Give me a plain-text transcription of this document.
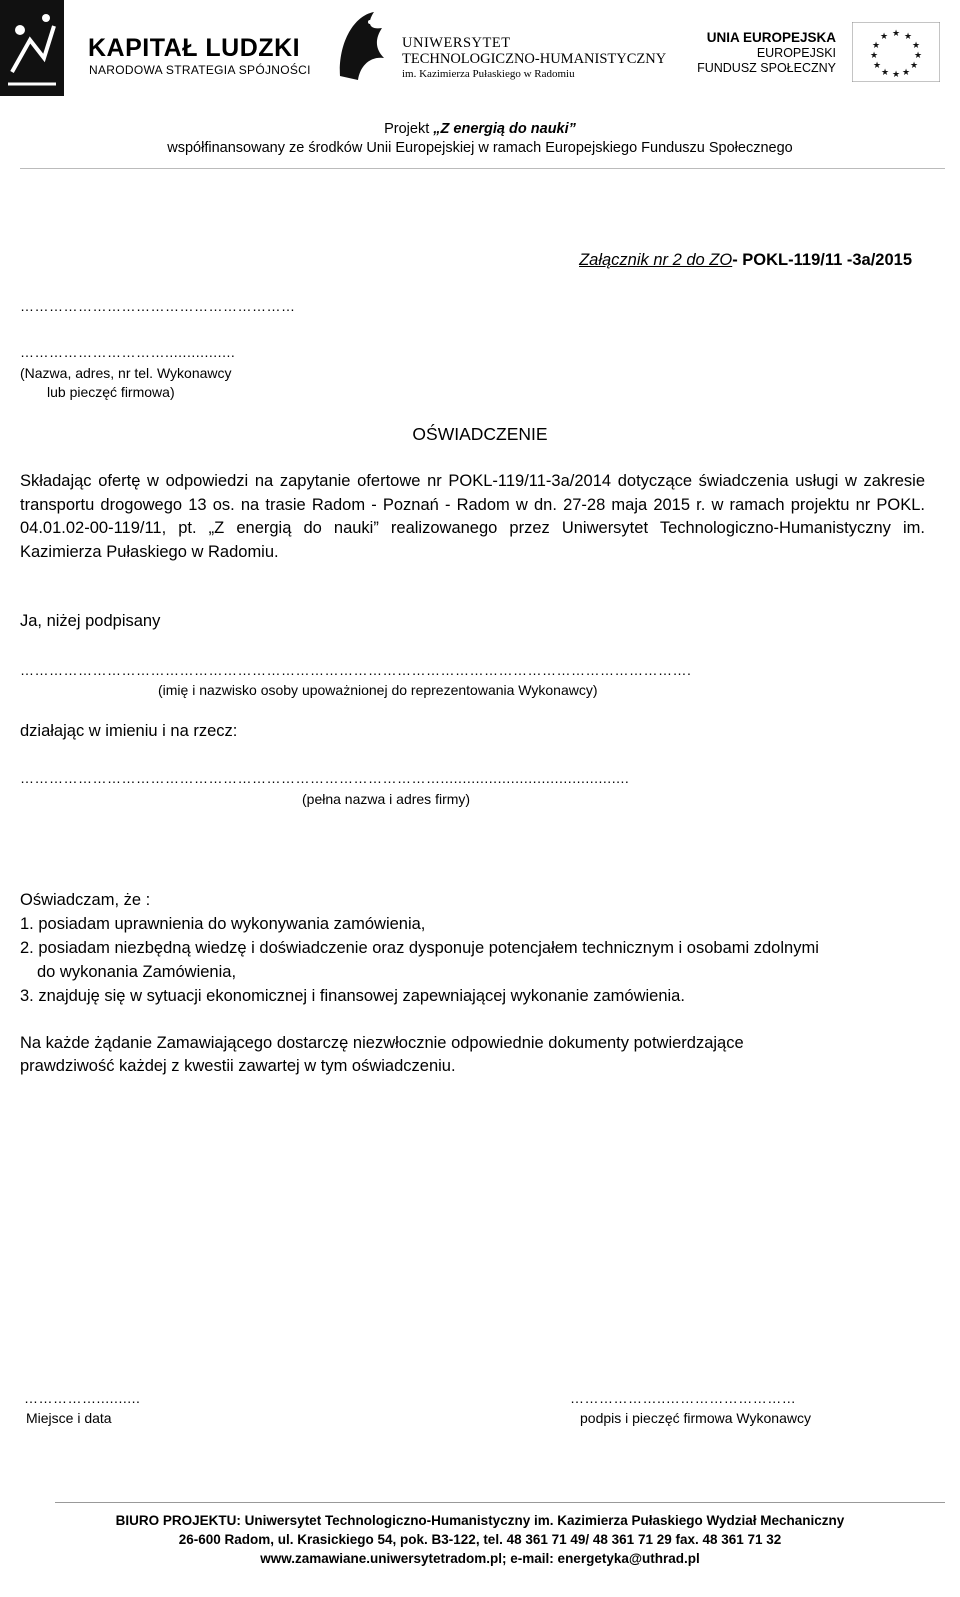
KAPITAŁ LUDZKI
NARODOWA STRATEGIA SPÓJNOŚCI
UNIWERSYTET
TECHNOLOGICZNO-HUMANISTYCZNY
im. Kazimierza Pułaskiego w Radomiu
UNIA EUROPEJSKA
EUROPEJSKI
FUNDUSZ SPOŁECZNY
★ ★
★
★
★
★
★
★
★
★
★
★
Projekt „Z energią do nauki”
współfinansowany ze środków Unii Europejskiej w ramach Europejskiego Funduszu Społecznego
Załącznik nr 2 do ZO- POKL-119/11 -3a/2015
…………………………………………………
…………………………................
(Nazwa, adres, nr tel. Wykonawcy
lub pieczęć firmowa)
OŚWIADCZENIE
Składając ofertę w odpowiedzi na zapytanie ofertowe nr POKL-119/11-3a/2014 dotyczące świadczenia usługi w zakresie transportu drogowego 13 os. na trasie Radom - Poznań - Radom w dn. 27-28 maja 2015 r. w ramach projektu nr POKL. 04.01.02-00-119/11, pt. „Z energią do nauki” realizowanego przez Uniwersytet Technologiczno-Humanistyczny im. Kazimierza Pułaskiego w Radomiu.
Ja, niżej podpisany
………………………………………………………………………………………………………………………….
(imię i nazwisko osoby upoważnionej do reprezentowania Wykonawcy)
działając w imieniu i na rzecz:
……………………………………………………………………………...........................................
(pełna nazwa i adres firmy)
Oświadczam, że :
1. posiadam uprawnienia do wykonywania zamówienia,
2. posiadam niezbędną wiedzę i doświadczenie oraz dysponuje potencjałem technicznym i osobami zdolnymi
do wykonania Zamówienia,
3. znajduję się w sytuacji ekonomicznej i finansowej zapewniającej wykonanie zamówienia.
Na każde żądanie Zamawiającego dostarczę niezwłocznie odpowiednie dokumenty potwierdzające
prawdziwość każdej z kwestii zawartej w tym oświadczeniu.
……………..........
Miejsce i data
………………..………………………
podpis i pieczęć firmowa Wykonawcy
BIURO PROJEKTU: Uniwersytet Technologiczno-Humanistyczny im. Kazimierza Pułaskiego Wydział Mechaniczny
26-600 Radom, ul. Krasickiego 54, pok. B3-122, tel. 48 361 71 49/ 48 361 71 29 fax. 48 361 71 32
www.zamawiane.uniwersytetradom.pl; e-mail: energetyka@uthrad.pl
